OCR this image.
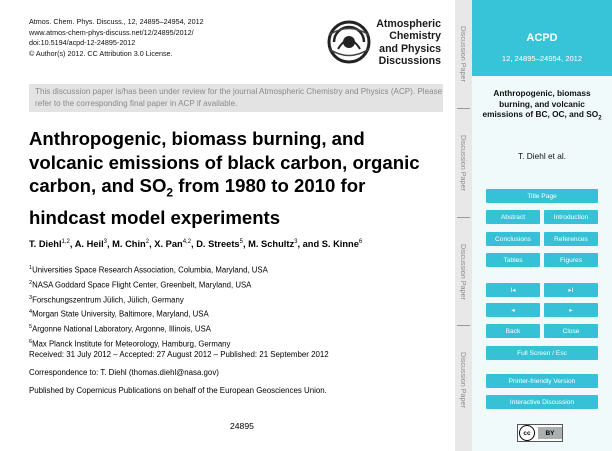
Atmos. Chem. Phys. Discuss., 12, 24895–24954, 2012
www.atmos-chem-phys-discuss.net/12/24895/2012/
doi:10.5194/acpd-12-24895-2012
© Author(s) 2012. CC Attribution 3.0 License.
Atmospheric
Chemistry
and Physics
Discussions
This discussion paper is/has been under review for the journal Atmospheric Chemistry and Physics (ACP). Please refer to the corresponding final paper in ACP if available.
Anthropogenic, biomass burning, and volcanic emissions of black carbon, organic carbon, and $SO_2$ from 1980 to 2010 for hindcast model experiments
T. Diehl$^{1,2}$, A. Heil$^3$, M. Chin$^2$, X. Pan$^{4,2}$, D. Streets$^5$, M. Schultz$^3$, and S. Kinne$^6$
$^1$Universities Space Research Association, Columbia, Maryland, USA
$^2$NASA Goddard Space Flight Center, Greenbelt, Maryland, USA
$^3$Forschungszentrum Jülich, Jülich, Germany
$^4$Morgan State University, Baltimore, Maryland, USA
$^5$Argonne National Laboratory, Argonne, Illinois, USA
$^6$Max Planck Institute for Meteorology, Hamburg, Germany
Received: 31 July 2012 – Accepted: 27 August 2012 – Published: 21 September 2012
Correspondence to: T. Diehl (thomas.diehl@nasa.gov)
Published by Copernicus Publications on behalf of the European Geosciences Union.
24895
Discussion Paper
Discussion Paper
Discussion Paper
Discussion Paper
ACPD
12, 24895–24954, 2012
Anthropogenic, biomass burning, and volcanic emissions of BC, OC, and $SO_2$
T. Diehl et al.
Title Page
Abstract	Introduction
Conclusions	References
Tables	Figures
I◂	▸I
◂	▸
Back	Close
Full Screen / Esc
Printer-friendly Version
Interactive Discussion
cc	BY
